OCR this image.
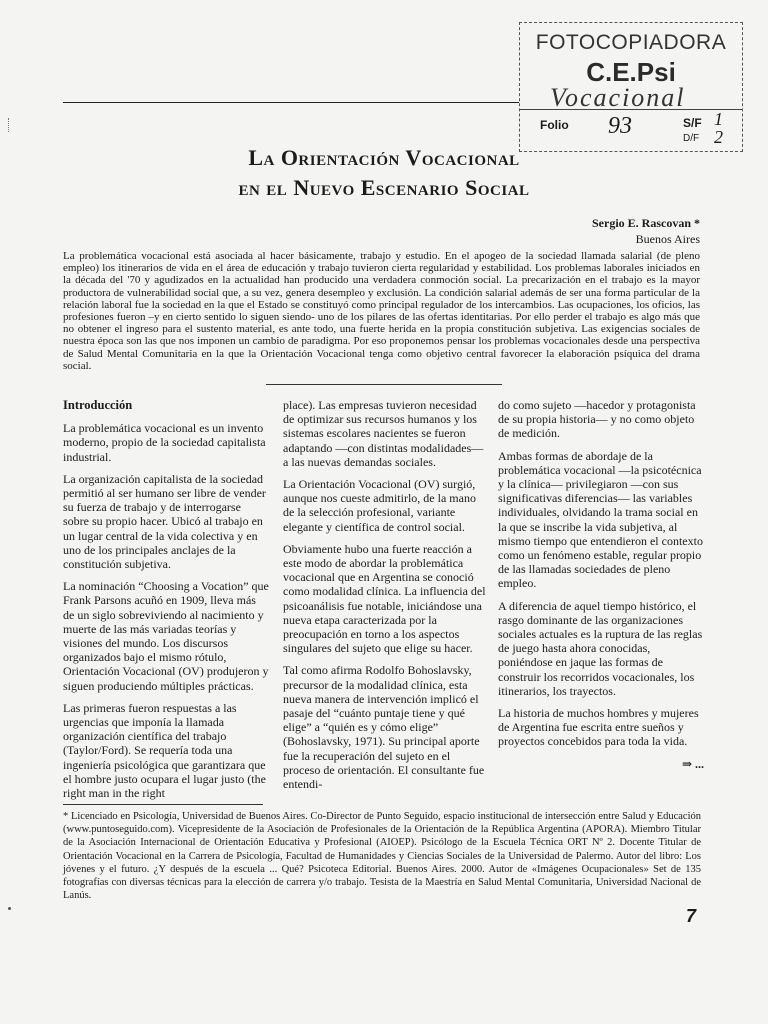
FOTOCOPIADORA
C.E.Psi
Vocacional
Folio 93	S/F 1
D/F 2
La Orientación Vocacional
en el Nuevo Escenario Social
Sergio E. Rascovan *
Buenos Aires
La problemática vocacional está asociada al hacer básicamente, trabajo y estudio. En el apogeo de la sociedad llamada salarial (de pleno empleo) los itinerarios de vida en el área de educación y trabajo tuvieron cierta regularidad y estabilidad. Los problemas laborales iniciados en la década del '70 y agudizados en la actualidad han producido una verdadera conmoción social. La precarización en el trabajo es la mayor productora de vulnerabilidad social que, a su vez, genera desempleo y exclusión. La condición salarial además de ser una forma particular de la relación laboral fue la sociedad en la que el Estado se constituyó como principal regulador de los intercambios. Las ocupaciones, los oficios, las profesiones fueron –y en cierto sentido lo siguen siendo- uno de los pilares de las ofertas identitarias. Por ello perder el trabajo es algo más que no obtener el ingreso para el sustento material, es ante todo, una fuerte herida en la propia constitución subjetiva. Las exigencias sociales de nuestra época son las que nos imponen un cambio de paradigma. Por eso proponemos pensar los problemas vocacionales desde una perspectiva de Salud Mental Comunitaria en la que la Orientación Vocacional tenga como objetivo central favorecer la elaboración psíquica del drama social.
Introducción

La problemática vocacional es un invento moderno, propio de la sociedad capitalista industrial.

La organización capitalista de la sociedad permitió al ser humano ser libre de vender su fuerza de trabajo y de interrogarse sobre su propio hacer. Ubicó al trabajo en un lugar central de la vida colectiva y en uno de los principales anclajes de la constitución subjetiva.

La nominación “Choosing a Vocation” que Frank Parsons acuñó en 1909, lleva más de un siglo sobreviviendo al nacimiento y muerte de las más variadas teorías y visiones del mundo. Los discursos organizados bajo el mismo rótulo, Orientación Vocacional (OV) produjeron y siguen produciendo múltiples prácticas.

Las primeras fueron respuestas a las urgencias que imponía la llamada organización científica del trabajo (Taylor/Ford). Se requería toda una ingeniería psicológica que garantizara que el hombre justo ocupara el lugar justo (the right man in the right

place). Las empresas tuvieron necesidad de optimizar sus recursos humanos y los sistemas escolares nacientes se fueron adaptando —con distintas modalidades— a las nuevas demandas sociales.

La Orientación Vocacional (OV) surgió, aunque nos cueste admitirlo, de la mano de la selección profesional, variante elegante y científica de control social.

Obviamente hubo una fuerte reacción a este modo de abordar la problemática vocacional que en Argentina se conoció como modalidad clínica. La influencia del psicoanálisis fue notable, iniciándose una nueva etapa caracterizada por la preocupación en torno a los aspectos singulares del sujeto que elige su hacer.

Tal como afirma Rodolfo Bohoslavsky, precursor de la modalidad clínica, esta nueva manera de intervención implicó el pasaje del “cuánto puntaje tiene y qué elige” a “quién es y cómo elige” (Bohoslavsky, 1971). Su principal aporte fue la recuperación del sujeto en el proceso de orientación. El consultante fue entendi-

do como sujeto —hacedor y protagonista de su propia historia— y no como objeto de medición.

Ambas formas de abordaje de la problemática vocacional —la psicotécnica y la clínica— privilegiaron —con sus significativas diferencias— las variables individuales, olvidando la trama social en la que se inscribe la vida subjetiva, al mismo tiempo que entendieron el contexto como un fenómeno estable, regular propio de las llamadas sociedades de pleno empleo.

A diferencia de aquel tiempo histórico, el rasgo dominante de las organizaciones sociales actuales es la ruptura de las reglas de juego hasta ahora conocidas, poniéndose en jaque las formas de construir los recorridos vocacionales, los itinerarios, los trayectos.

La historia de muchos hombres y mujeres de Argentina fue escrita entre sueños y proyectos concebidos para toda la vida.

⇒ ...
* Licenciado en Psicología, Universidad de Buenos Aires. Co-Director de Punto Seguido, espacio institucional de intersección entre Salud y Educación (www.puntoseguido.com). Vicepresidente de la Asociación de Profesionales de la Orientación de la República Argentina (APORA). Miembro Titular de la Asociación Internacional de Orientación Educativa y Profesional (AIOEP). Psicólogo de la Escuela Técnica ORT Nº 2. Docente Titular de Orientación Vocacional en la Carrera de Psicología, Facultad de Humanidades y Ciencias Sociales de la Universidad de Palermo. Autor del libro: Los jóvenes y el futuro. ¿Y después de la escuela ... Qué? Psicoteca Editorial. Buenos Aires. 2000. Autor de «Imágenes Ocupacionales» Set de 135 fotografías con diversas técnicas para la elección de carrera y/o trabajo. Tesista de la Maestría en Salud Mental Comunitaria, Universidad Nacional de Lanús.
7
